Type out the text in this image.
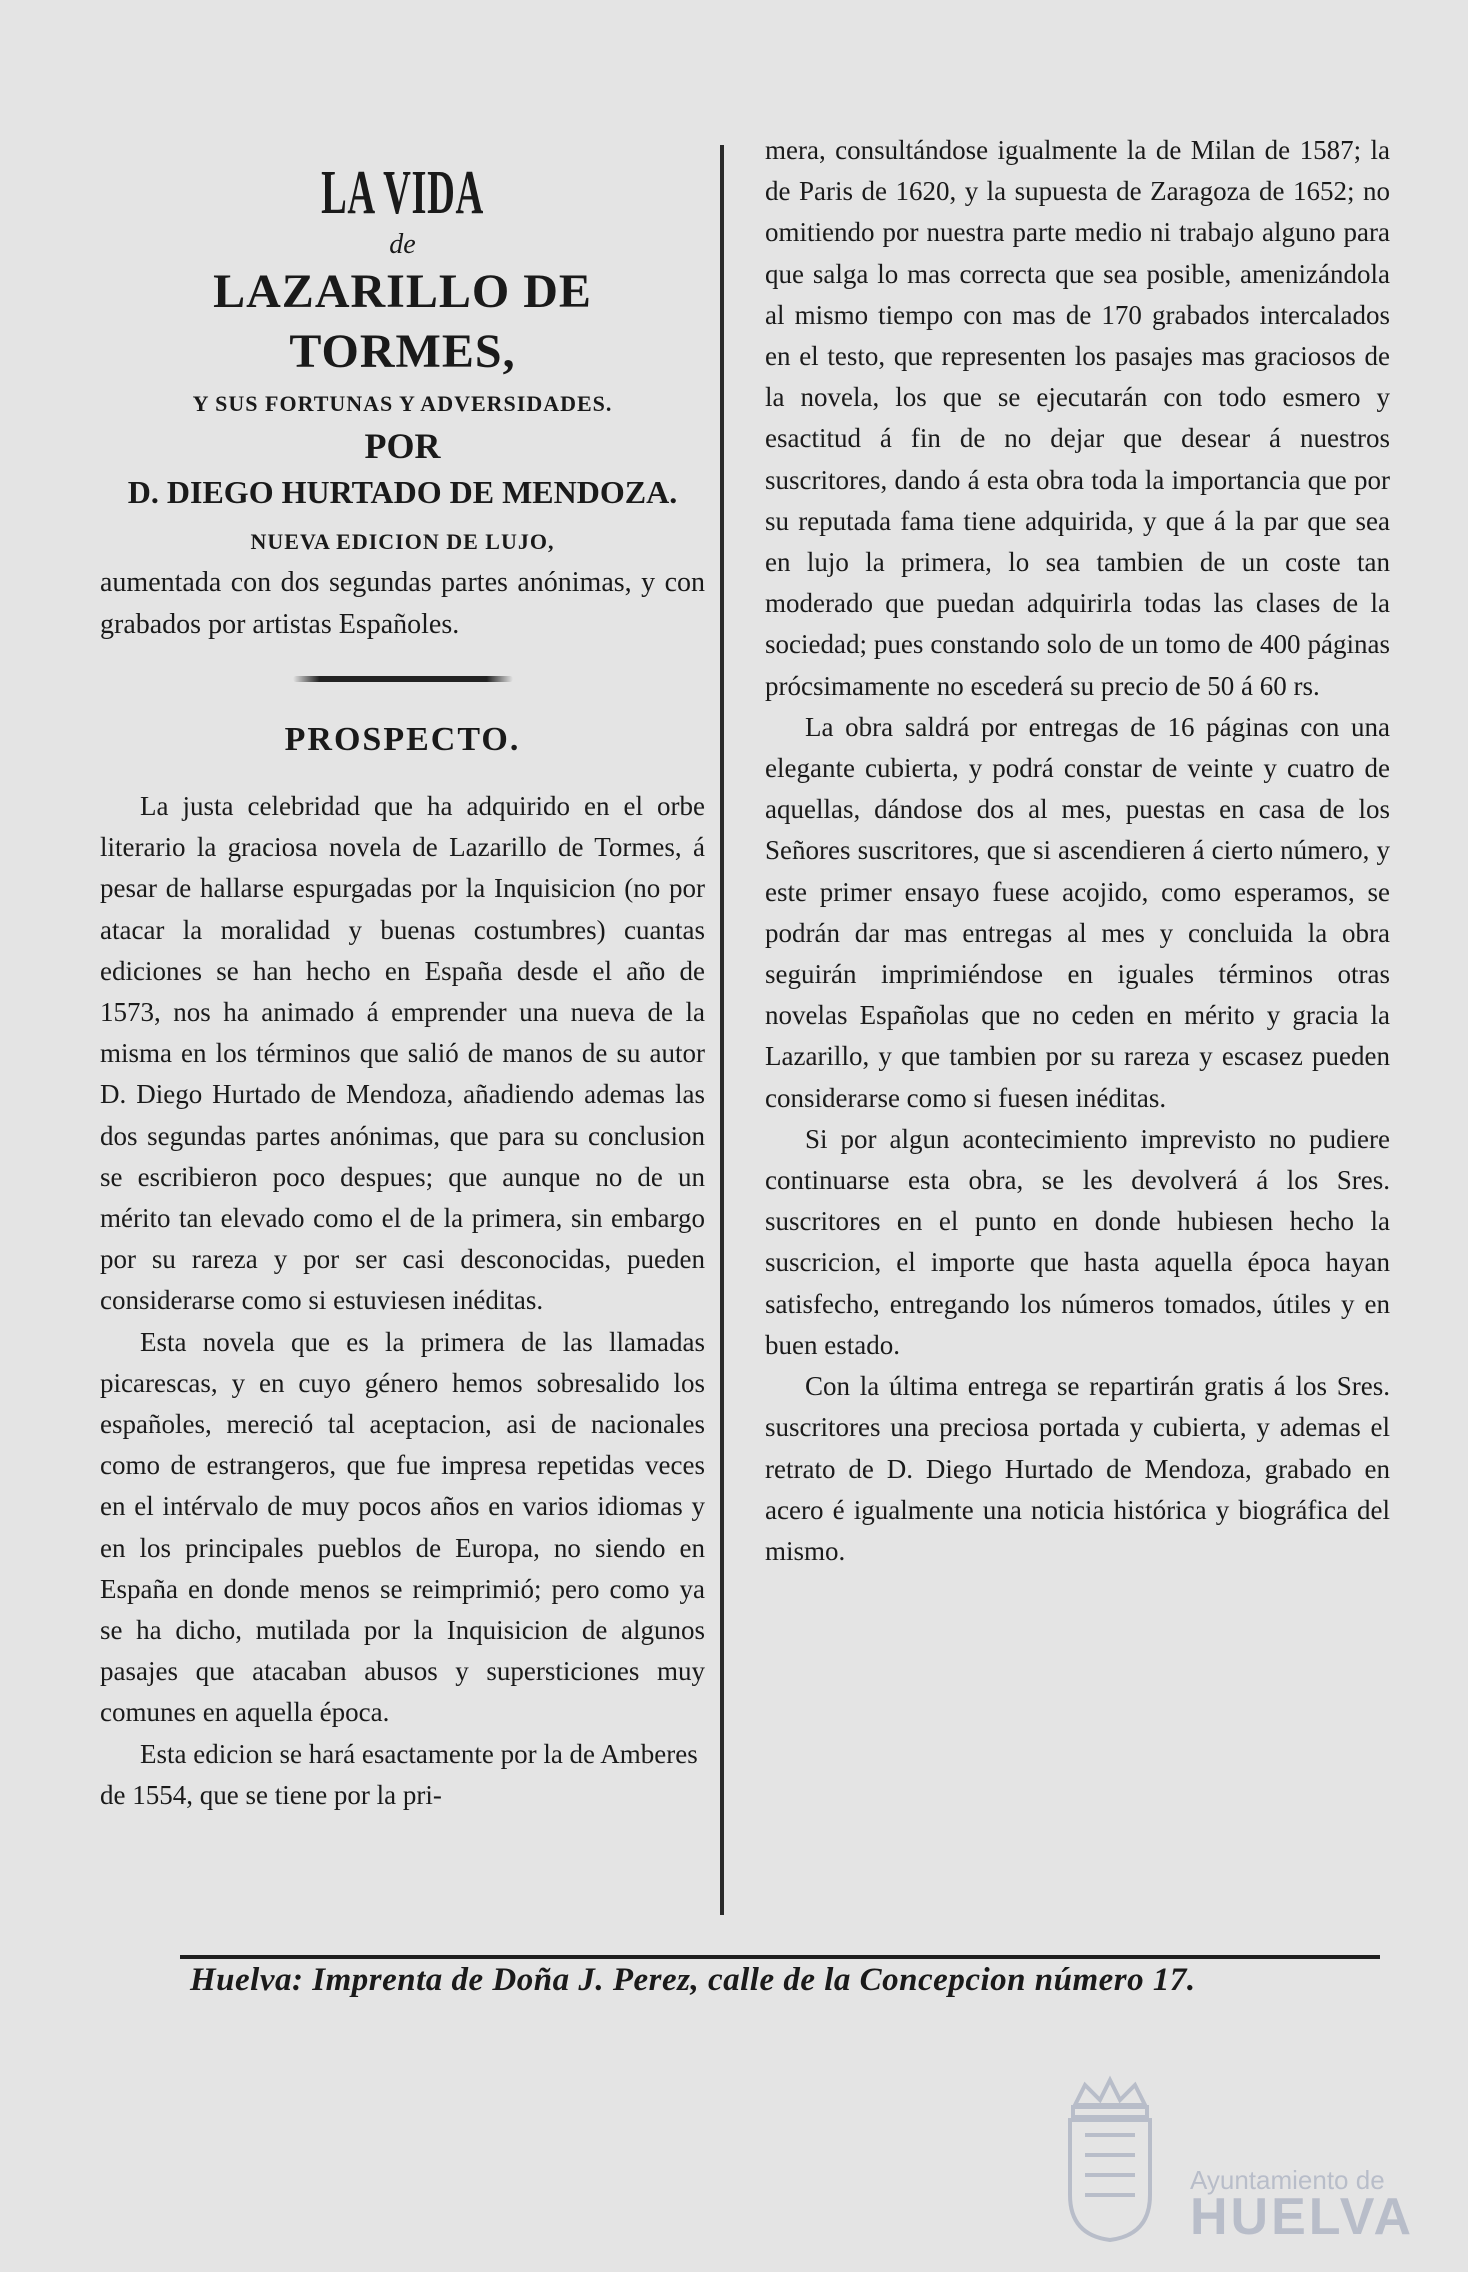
LA VIDA
de
LAZARILLO DE TORMES,
Y SUS FORTUNAS Y ADVERSIDADES.
POR
D. DIEGO HURTADO DE MENDOZA.
NUEVA EDICION DE LUJO,

aumentada con dos segundas partes anónimas, y con grabados por artistas Españoles.

PROSPECTO.

La justa celebridad que ha adquirido en el orbe literario la graciosa novela de Lazarillo de Tormes, á pesar de hallarse espurgadas por la Inquisicion (no por atacar la moralidad y buenas costumbres) cuantas ediciones se han hecho en España desde el año de 1573, nos ha animado á emprender una nueva de la misma en los términos que salió de manos de su autor D. Diego Hurtado de Mendoza, añadiendo ademas las dos segundas partes anónimas, que para su conclusion se escribieron poco despues; que aunque no de un mérito tan elevado como el de la primera, sin embargo por su rareza y por ser casi desconocidas, pueden considerarse como si estuviesen inéditas.

Esta novela que es la primera de las llamadas picarescas, y en cuyo género hemos sobresalido los españoles, mereció tal aceptacion, asi de nacionales como de estrangeros, que fue impresa repetidas veces en el intérvalo de muy pocos años en varios idiomas y en los principales pueblos de Europa, no siendo en España en donde menos se reimprimió; pero como ya se ha dicho, mutilada por la Inquisicion de algunos pasajes que atacaban abusos y supersticiones muy comunes en aquella época.

Esta edicion se hará esactamente por la de Amberes de 1554, que se tiene por la pri-

mera, consultándose igualmente la de Milan de 1587; la de Paris de 1620, y la supuesta de Zaragoza de 1652; no omitiendo por nuestra parte medio ni trabajo alguno para que salga lo mas correcta que sea posible, amenizándola al mismo tiempo con mas de 170 grabados intercalados en el testo, que representen los pasajes mas graciosos de la novela, los que se ejecutarán con todo esmero y esactitud á fin de no dejar que desear á nuestros suscritores, dando á esta obra toda la importancia que por su reputada fama tiene adquirida, y que á la par que sea en lujo la primera, lo sea tambien de un coste tan moderado que puedan adquirirla todas las clases de la sociedad; pues constando solo de un tomo de 400 páginas prócsimamente no escederá su precio de 50 á 60 rs.

La obra saldrá por entregas de 16 páginas con una elegante cubierta, y podrá constar de veinte y cuatro de aquellas, dándose dos al mes, puestas en casa de los Señores suscritores, que si ascendieren á cierto número, y este primer ensayo fuese acojido, como esperamos, se podrán dar mas entregas al mes y concluida la obra seguirán imprimiéndose en iguales términos otras novelas Españolas que no ceden en mérito y gracia la Lazarillo, y que tambien por su rareza y escasez pueden considerarse como si fuesen inéditas.

Si por algun acontecimiento imprevisto no pudiere continuarse esta obra, se les devolverá á los Sres. suscritores en el punto en donde hubiesen hecho la suscricion, el importe que hasta aquella época hayan satisfecho, entregando los números tomados, útiles y en buen estado.

Con la última entrega se repartirán gratis á los Sres. suscritores una preciosa portada y cubierta, y ademas el retrato de D. Diego Hurtado de Mendoza, grabado en acero é igualmente una noticia histórica y biográfica del mismo.

Huelva: Imprenta de Doña J. Perez, calle de la Concepcion número 17.
Ayuntamiento de
HUELVA
